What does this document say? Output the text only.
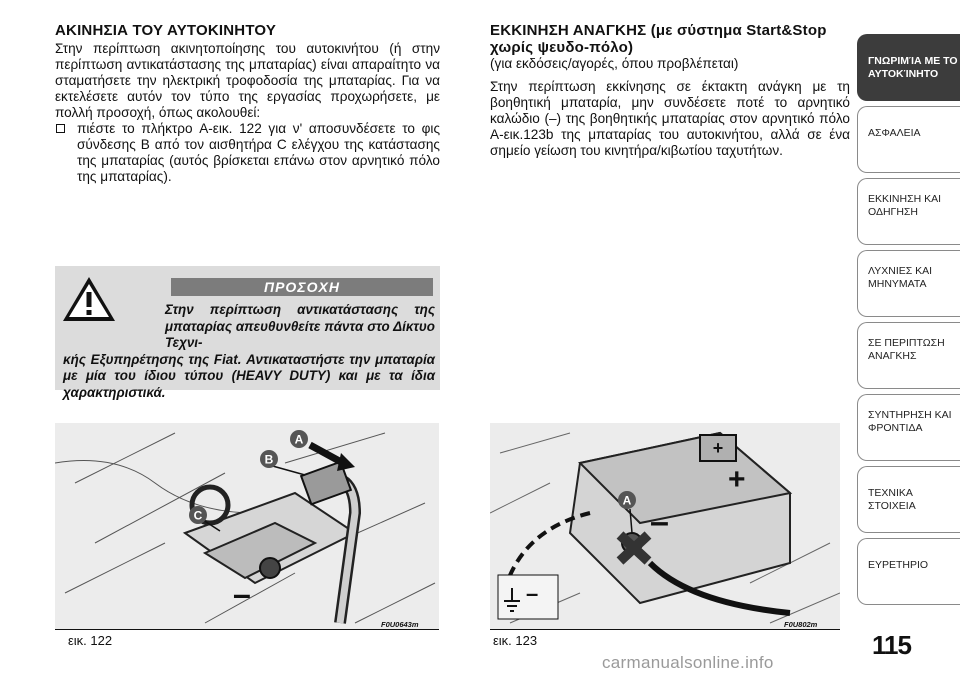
ΑΚΙΝΗΣΙΑ ΤΟΥ ΑΥΤΟΚΙΝΗΤΟΥ

Στην περίπτωση ακινητοποίησης του αυτοκινήτου (ή στην περίπτωση αντικατάστασης της μπαταρίας) είναι απαραίτητο να σταματήσετε την ηλεκτρική τροφοδοσία της μπαταρίας. Για να εκτελέσετε αυτόν τον τύπο της εργασίας προχωρήσετε, με πολλή προσοχή, όπως ακολουθεί:

πιέστε το πλήκτρο A-εικ. 122 για ν' αποσυνδέσετε το φις σύνδεσης B από τον αισθητήρα C ελέγχου της κατάστασης της μπαταρίας (αυτός βρίσκεται επάνω στον αρνητικό πόλο της μπαταρίας).
ΕΚΚΙΝΗΣΗ ΑΝΑΓΚΗΣ (με σύστημα Start&Stop
χωρίς ψευδο-πόλο)
(για εκδόσεις/αγορές, όπου προβλέπεται)

Στην περίπτωση εκκίνησης σε έκτακτη ανάγκη με τη βοηθητική μπαταρία, μην συνδέσετε ποτέ το αρνητικό καλώδιο (–) της βοηθητικής μπαταρίας στον αρνητικό πόλο A-εικ.123b της μπαταρίας του αυτοκινήτου, αλλά σε ένα σημείο γείωση του κινητήρα/κιβωτίου ταχυτήτων.

ΠΡΟΣΟΧΗ
Στην περίπτωση αντικατάστασης της μπαταρίας απευθυνθείτε πάντα στο Δίκτυο Τεχνι-
κής Εξυπηρέτησης της Fiat. Αντικαταστήστε την μπαταρία με μία του ίδιου τύπου (HEAVY DUTY) και με τα ίδια χαρακτηριστικά.
A
B
C
–
εικ. 122
F0U0643m
+
+
–
A
–
εικ. 123
F0U802m
115
carmanualsonline.info
ΓΝΩΡΙΜΊΑ ΜΕ ΤΟ
ΑΥΤΟΚΊΝΗΤΟ
ΑΣΦΑΛΕΙΑ
ΕΚΚΙΝΗΣΗ ΚΑΙ
ΟΔΗΓΗΣΗ
ΛΥΧΝΙΕΣ ΚΑΙ
ΜΗΝΥΜΑΤΑ
ΣΕ ΠΕΡΙΠΤΩΣΗ
ΑΝΑΓΚΗΣ
ΣΥΝΤΗΡΗΣΗ ΚΑΙ
ΦΡΟΝΤΙΔΑ
ΤΕΧΝΙΚΑ ΣΤΟΙΧΕΙΑ
ΕΥΡΕΤΗΡΙΟ
